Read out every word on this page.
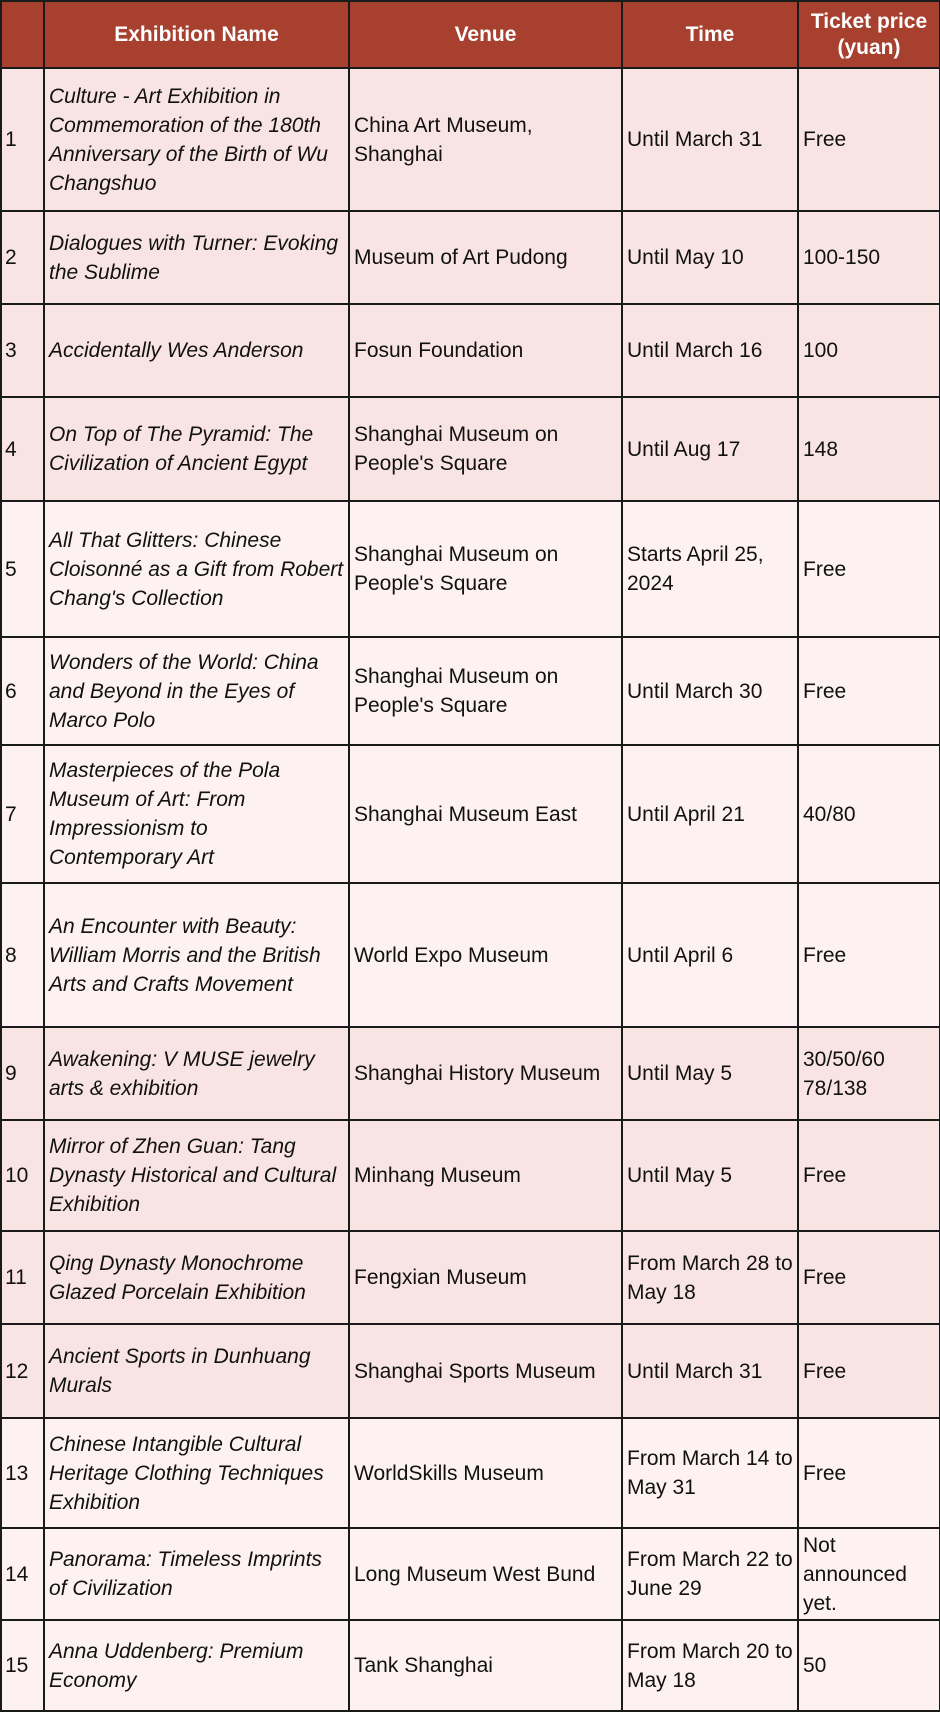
	Exhibition Name	Venue	Time	Ticket price (yuan)
1	Culture - Art Exhibition in Commemoration of the 180th Anniversary of the Birth of Wu Changshuo	China Art Museum, Shanghai	Until March 31	Free
2	Dialogues with Turner: Evoking the Sublime	Museum of Art Pudong	Until May 10	100-150
3	Accidentally Wes Anderson	Fosun Foundation	Until March 16	100
4	On Top of The Pyramid: The Civilization of Ancient Egypt	Shanghai Museum on People's Square	Until Aug 17	148
5	All That Glitters: Chinese Cloisonné as a Gift from Robert Chang's Collection	Shanghai Museum on People's Square	Starts April 25, 2024	Free
6	Wonders of the World: China and Beyond in the Eyes of Marco Polo	Shanghai Museum on People's Square	Until March 30	Free
7	Masterpieces of the Pola Museum of Art: From Impressionism to Contemporary Art	Shanghai Museum East	Until April 21	40/80
8	An Encounter with Beauty: William Morris and the British Arts and Crafts Movement	World Expo Museum	Until April 6	Free
9	Awakening: V MUSE jewelry arts & exhibition	Shanghai History Museum	Until May 5	30/50/60 78/138
10	Mirror of Zhen Guan: Tang Dynasty Historical and Cultural Exhibition	Minhang Museum	Until May 5	Free
11	Qing Dynasty Monochrome Glazed Porcelain Exhibition	Fengxian Museum	From March 28 to May 18	Free
12	Ancient Sports in Dunhuang Murals	Shanghai Sports Museum	Until March 31	Free
13	Chinese Intangible Cultural Heritage Clothing Techniques Exhibition	WorldSkills Museum	From March 14 to May 31	Free
14	Panorama: Timeless Imprints of Civilization	Long Museum West Bund	From March 22 to June 29	Not announced yet.
15	Anna Uddenberg: Premium Economy	Tank Shanghai	From March 20 to May 18	50
